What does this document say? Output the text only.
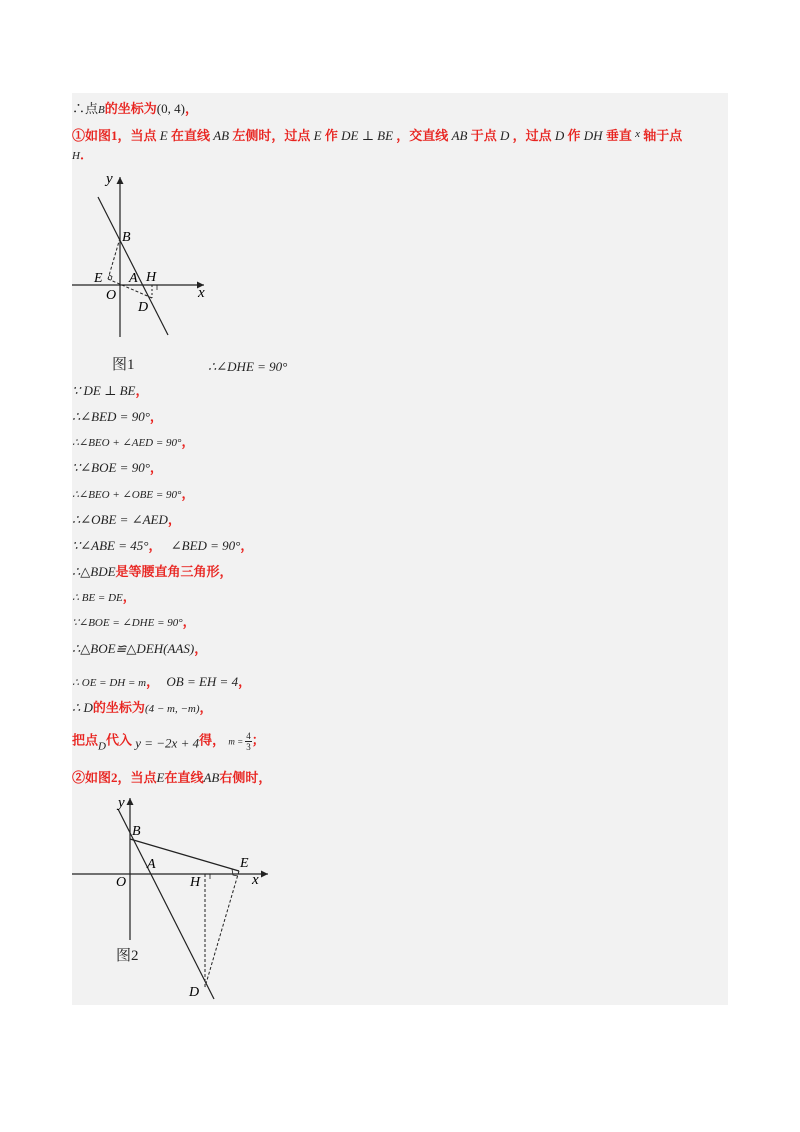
∴点B的坐标为(0, 4)，
①如图1，当点 E 在直线 AB 左侧时，过点 E 作 DE ⊥ BE ，交直线 AB 于点 D ，过点 D 作 DH 垂直 $^x$ 轴于点
H．
y
x
B
E A H
O
D
图1	∴∠DHE = 90°
∵ DE ⊥ BE，
∴∠BED = 90°，
∴∠BEO + ∠AED = 90°，
∵∠BOE = 90°，
∴∠BEO + ∠OBE = 90°，
∴∠OBE = ∠AED，
∵∠ABE = 45°， ∠BED = 90°，
∴△BDE是等腰直角三角形，
∴ BE = DE，
∵∠BOE = ∠DHE = 90°，
∴△BOE≌△DEH(AAS)，
∴ OE = DH = m， OB = EH = 4，
∴ D的坐标为(4 − m, −m)，
把点$_D$代入 y = −2x + 4得， $m = \frac{4}{3}$ ；
②如图2，当点E在直线AB右侧时，
y
x
B
A
O	H
E
D
图2
